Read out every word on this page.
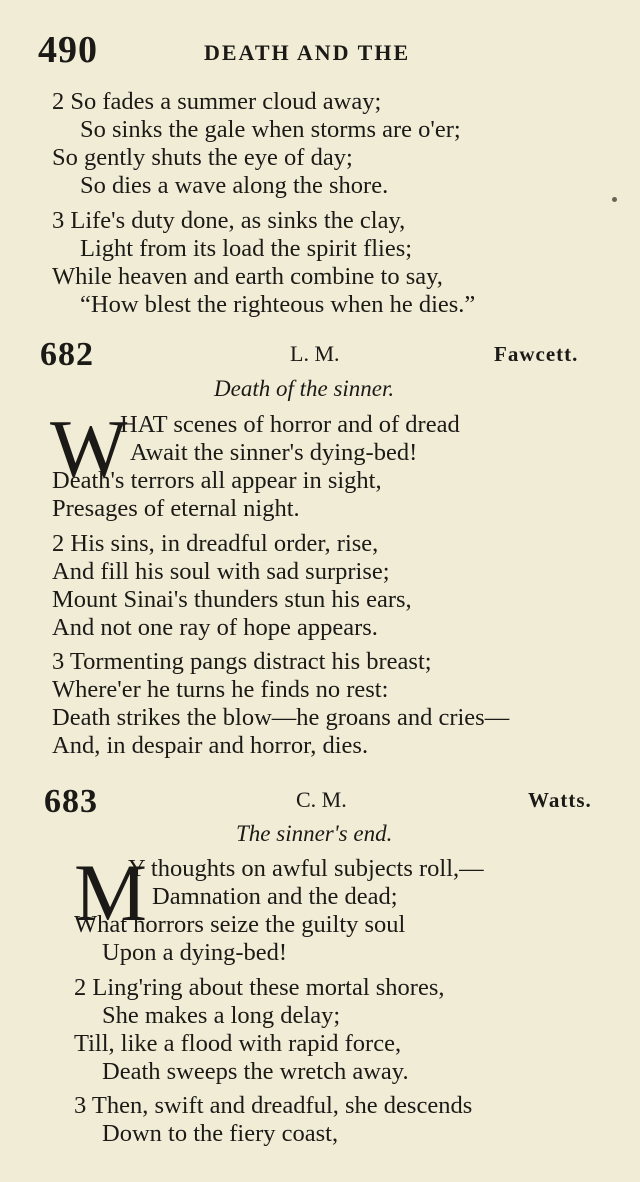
490	DEATH AND THE
2 So fades a summer cloud away;
So sinks the gale when storms are o'er;
So gently shuts the eye of day;
So dies a wave along the shore.
3 Life's duty done, as sinks the clay,
Light from its load the spirit flies;
While heaven and earth combine to say,
“How blest the righteous when he dies.”
682	L. M.	Fawcett.
Death of the sinner.
W
HAT scenes of horror and of dread
Await the sinner's dying-bed!
Death's terrors all appear in sight,
Presages of eternal night.
2 His sins, in dreadful order, rise,
And fill his soul with sad surprise;
Mount Sinai's thunders stun his ears,
And not one ray of hope appears.
3 Tormenting pangs distract his breast;
Where'er he turns he finds no rest:
Death strikes the blow—he groans and cries—
And, in despair and horror, dies.
683	C. M.	Watts.
The sinner's end.
M
Y thoughts on awful subjects roll,—
Damnation and the dead;
What horrors seize the guilty soul
Upon a dying-bed!
2 Ling'ring about these mortal shores,
She makes a long delay;
Till, like a flood with rapid force,
Death sweeps the wretch away.
3 Then, swift and dreadful, she descends
Down to the fiery coast,
